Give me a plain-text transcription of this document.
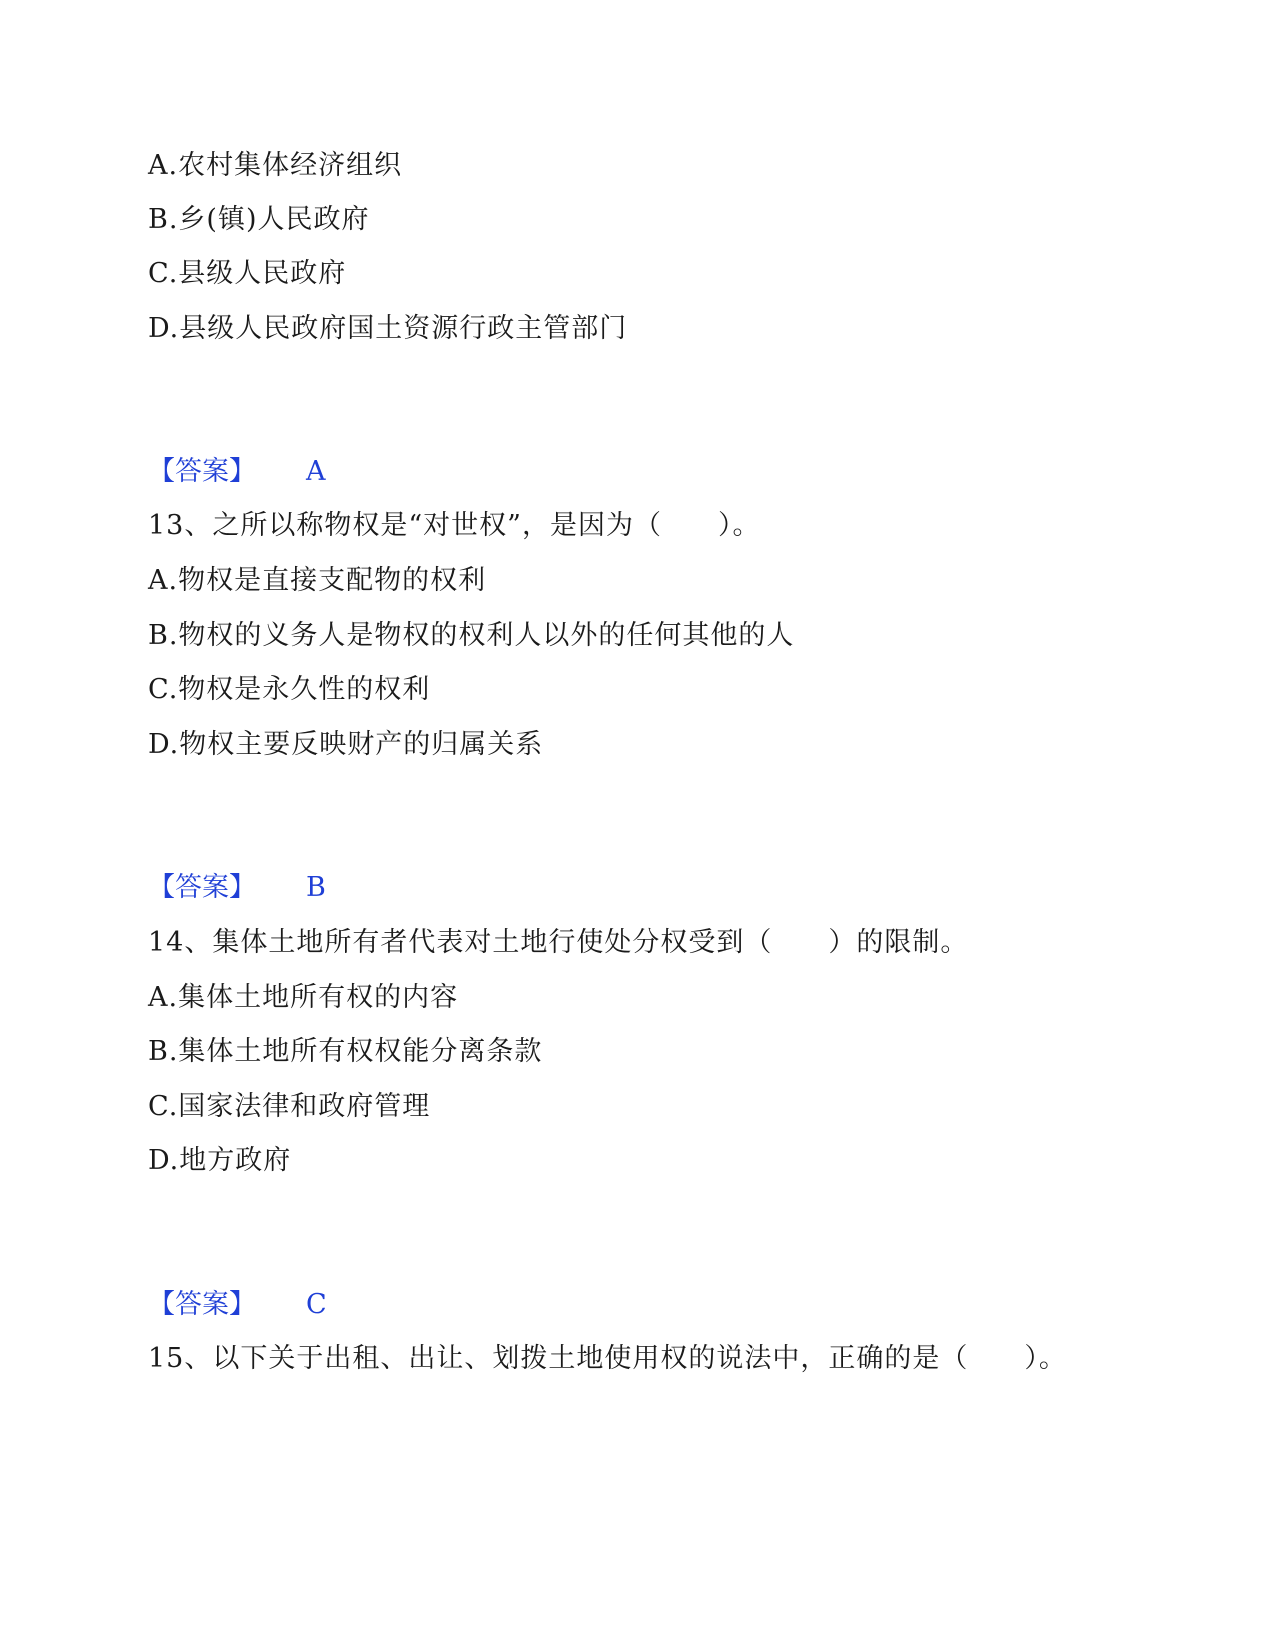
A.农村集体经济组织
B.乡(镇)人民政府
C.县级人民政府
D.县级人民政府国土资源行政主管部门
【答案】 A
13、之所以称物权是“对世权”，是因为（　　）。
A.物权是直接支配物的权利
B.物权的义务人是物权的权利人以外的任何其他的人
C.物权是永久性的权利
D.物权主要反映财产的归属关系
【答案】 B
14、集体土地所有者代表对土地行使处分权受到（　　）的限制。
A.集体土地所有权的内容
B.集体土地所有权权能分离条款
C.国家法律和政府管理
D.地方政府
【答案】 C
15、以下关于出租、出让、划拨土地使用权的说法中，正确的是（　　）。
